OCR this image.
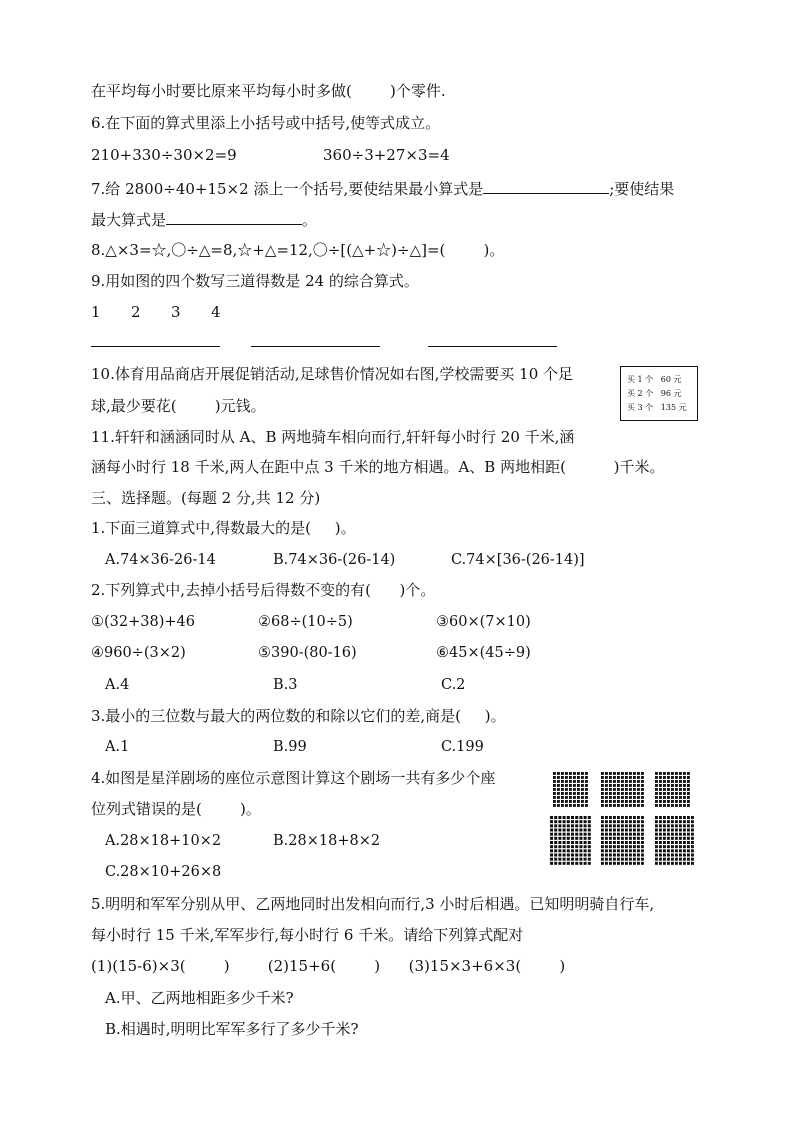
在平均每小时要比原来平均每小时多做(        )个零件.
6.在下面的算式里添上小括号或中括号,使等式成立。
210+330÷30×2=9	360÷3+27×3=4
7.给 2800÷40+15×2 添上一个括号,要使结果最小算式是	;要使结果
最大算式是	。
8.△×3=☆,〇÷△=8,☆+△=12,〇÷[(△+☆)÷△]=(        )。
9.用如图的四个数写三道得数是 24 的综合算式。
1 2 3 4
10.体育用品商店开展促销活动,足球售价情况如右图,学校需要买 10 个足
球,最少要花(        )元钱。
买 1 个   60 元
买 2 个   96 元
买 3 个   135 元
11.轩轩和涵涵同时从 A、B 两地骑车相向而行,轩轩每小时行 20 千米,涵
涵每小时行 18 千米,两人在距中点 3 千米的地方相遇。A、B 两地相距(          )千米。
三、选择题。(每题 2 分,共 12 分)
1.下面三道算式中,得数最大的是(     )。
A.74×36-26-14	B.74×36-(26-14)	C.74×[36-(26-14)]
2.下列算式中,去掉小括号后得数不变的有(      )个。
①(32+38)+46	②68÷(10÷5)	③60×(7×10)
④960÷(3×2)	⑤390-(80-16)	⑥45×(45÷9)
A.4	B.3	C.2
3.最小的三位数与最大的两位数的和除以它们的差,商是(     )。
A.1	B.99	C.199
4.如图是星洋剧场的座位示意图计算这个剧场一共有多少个座
位列式错误的是(        )。
A.28×18+10×2	B.28×18+8×2
C.28×10+26×8
5.明明和军军分别从甲、乙两地同时出发相向而行,3 小时后相遇。已知明明骑自行车,
每小时行 15 千米,军军步行,每小时行 6 千米。请给下列算式配对
(1)(15-6)×3(        )        (2)15+6(        )      (3)15×3+6×3(        )
A.甲、乙两地相距多少千米?
B.相遇时,明明比军军多行了多少千米?
